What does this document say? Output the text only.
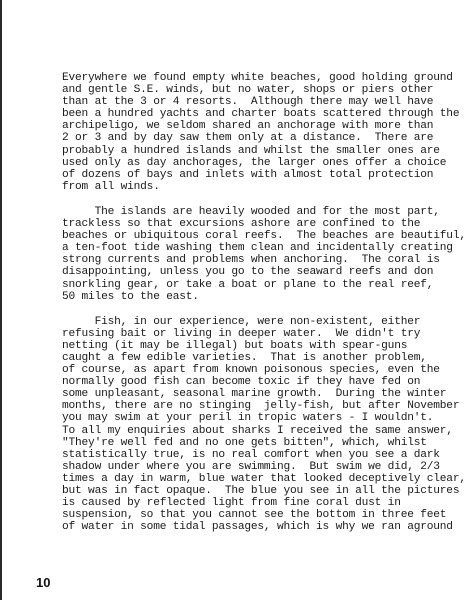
Everywhere we found empty white beaches, good holding ground
and gentle S.E. winds, but no water, shops or piers other
than at the 3 or 4 resorts.  Although there may well have
been a hundred yachts and charter boats scattered through the
archipeligo, we seldom shared an anchorage with more than
2 or 3 and by day saw them only at a distance.  There are
probably a hundred islands and whilst the smaller ones are
used only as day anchorages, the larger ones offer a choice
of dozens of bays and inlets with almost total protection
from all winds.
The islands are heavily wooded and for the most part,
trackless so that excursions ashore are confined to the
beaches or ubiquitous coral reefs.  The beaches are beautiful,
a ten-foot tide washing them clean and incidentally creating
strong currents and problems when anchoring.  The coral is
disappointing, unless you go to the seaward reefs and don
snorkling gear, or take a boat or plane to the real reef,
50 miles to the east.
Fish, in our experience, were non-existent, either
refusing bait or living in deeper water.  We didn't try
netting (it may be illegal) but boats with spear-guns
caught a few edible varieties.  That is another problem,
of course, as apart from known poisonous species, even the
normally good fish can become toxic if they have fed on
some unpleasant, seasonal marine growth.  During the winter
months, there are no stinging  jelly-fish, but after November
you may swim at your peril in tropic waters - I wouldn't.
To all my enquiries about sharks I received the same answer,
"They're well fed and no one gets bitten", which, whilst
statistically true, is no real comfort when you see a dark
shadow under where you are swimming.  But swim we did, 2/3
times a day in warm, blue water that looked deceptively clear,
but was in fact opaque.  The blue you see in all the pictures
is caused by reflected light from fine coral dust in
suspension, so that you cannot see the bottom in three feet
of water in some tidal passages, which is why we ran aground
10
